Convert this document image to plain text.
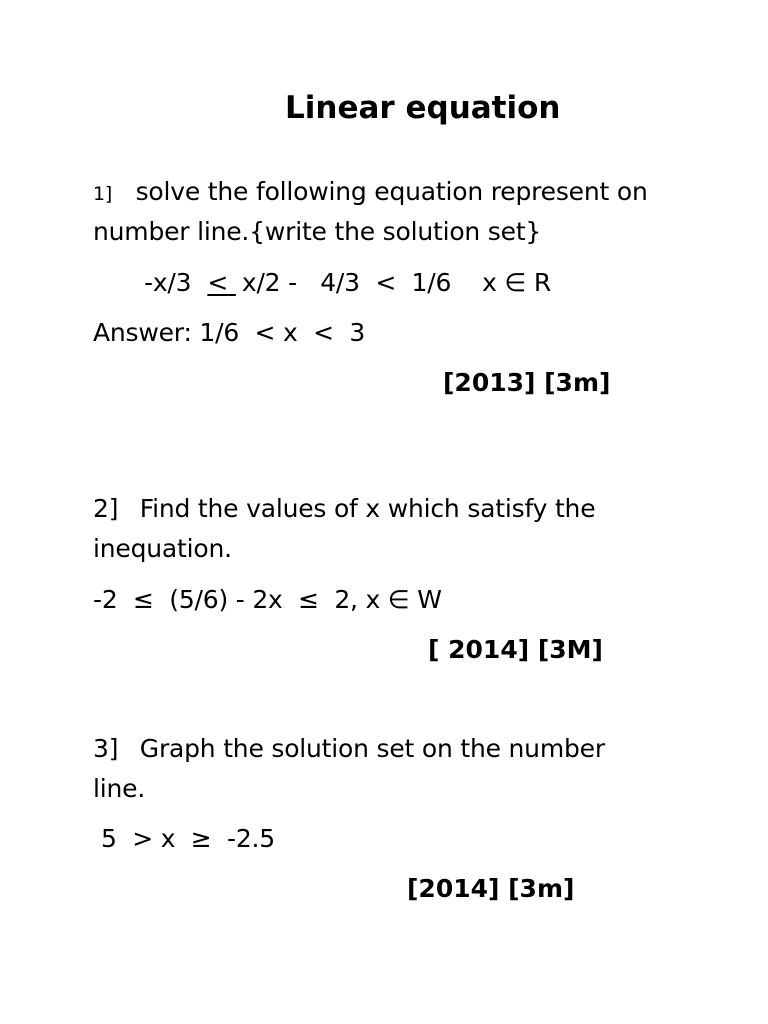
Linear equation
1] solve the following equation represent on
number line.{write the solution set}
-x/3 < x/2 -   4/3  <  1/6    x ∈ R
Answer: 1/6  < x  <  3
[2013] [3m]
2] Find the values of x which satisfy the
inequation.
-2  ≤  (5/6) - 2x  ≤  2, x ∈ W
[ 2014] [3M]
3] Graph the solution set on the number
line.
5  > x  ≥  -2.5
[2014] [3m]
